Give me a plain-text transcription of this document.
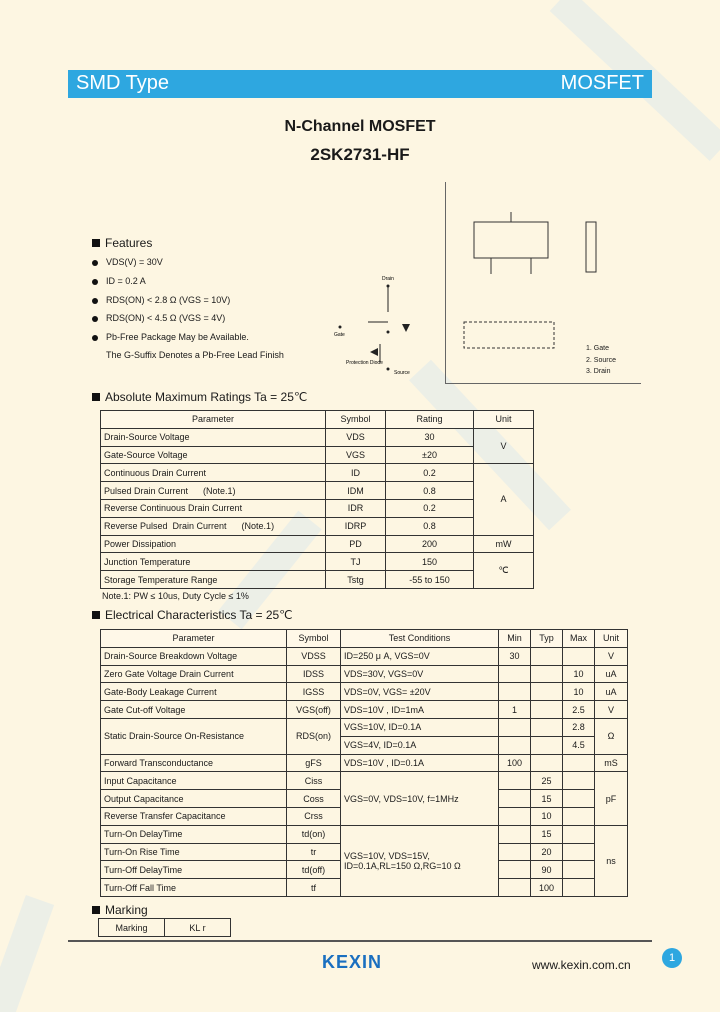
SMD Type	MOSFET
N-Channel MOSFET
2SK2731-HF
Features
VDS(V) = 30V
ID = 0.2 A
RDS(ON) < 2.8 Ω (VGS = 10V)
RDS(ON) < 4.5 Ω (VGS = 4V)
Pb-Free Package May be Available.
The G-Suffix Denotes a Pb-Free Lead Finish
Drain
Gate
Protection Diode
Source
1. Gate
2. Source
3. Drain
Absolute Maximum Ratings Ta = 25℃
Parameter	Symbol	Rating	Unit
Drain-Source Voltage	VDS	30	V
Gate-Source Voltage	VGS	±20	
Continuous Drain Current	ID	0.2	A
Pulsed Drain Current      (Note.1)	IDM	0.8	
Reverse Continuous Drain Current	IDR	0.2	
Reverse Pulsed  Drain Current      (Note.1)	IDRP	0.8	
Power Dissipation	PD	200	mW
Junction Temperature	TJ	150	℃
Storage Temperature Range	Tstg	-55 to 150	
Note.1: PW ≤ 10us, Duty Cycle ≤ 1%
Electrical Characteristics Ta = 25℃
Parameter	Symbol	Test Conditions	Min	Typ	Max	Unit
Drain-Source Breakdown Voltage	VDSS	ID=250 μ A, VGS=0V	30			V
Zero Gate Voltage Drain Current	IDSS	VDS=30V, VGS=0V			10	uA
Gate-Body Leakage Current	IGSS	VDS=0V, VGS= ±20V			10	uA
Gate Cut-off Voltage	VGS(off)	VDS=10V , ID=1mA	1		2.5	V
Static Drain-Source On-Resistance	RDS(on)	VGS=10V, ID=0.1A			2.8	Ω
		VGS=4V, ID=0.1A			4.5	
Forward Transconductance	gFS	VDS=10V , ID=0.1A	100			mS
Input Capacitance	Ciss	VGS=0V, VDS=10V, f=1MHz		25		pF
Output Capacitance	Coss			15		
Reverse Transfer Capacitance	Crss			10		
Turn-On DelayTime	td(on)	VGS=10V, VDS=15V,
ID=0.1A,RL=150 Ω,RG=10 Ω		15		ns
Turn-On Rise Time	tr			20		
Turn-Off DelayTime	td(off)			90		
Turn-Off Fall Time	tf			100		
Marking
Marking	KL r
KEXIN	www.kexin.com.cn	1
